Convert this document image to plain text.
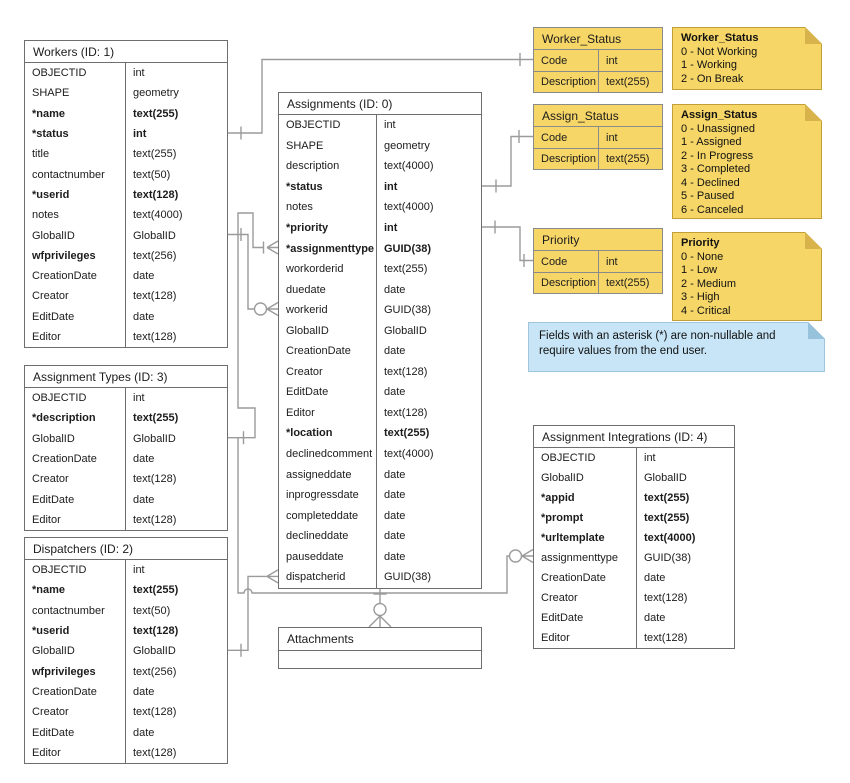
Workers (ID: 1)
OBJECTID	int
SHAPE	geometry
*name	text(255)
*status	int
title	text(255)
contactnumber	text(50)
*userid	text(128)
notes	text(4000)
GlobalID	GlobalID
wfprivileges	text(256)
CreationDate	date
Creator	text(128)
EditDate	date
Editor	text(128)
Assignment Types (ID: 3)
OBJECTID	int
*description	text(255)
GlobalID	GlobalID
CreationDate	date
Creator	text(128)
EditDate	date
Editor	text(128)
Dispatchers (ID: 2)
OBJECTID	int
*name	text(255)
contactnumber	text(50)
*userid	text(128)
GlobalID	GlobalID
wfprivileges	text(256)
CreationDate	date
Creator	text(128)
EditDate	date
Editor	text(128)
Assignments (ID: 0)
OBJECTID	int
SHAPE	geometry
description	text(4000)
*status	int
notes	text(4000)
*priority	int
*assignmenttype GUID(38)
workorderid	text(255)
duedate	date
workerid	GUID(38)
GlobalID	GlobalID
CreationDate	date
Creator	text(128)
EditDate	date
Editor	text(128)
*location	text(255)
declinedcomment	text(4000)
assigneddate	date
inprogressdate	date
completeddate	date
declineddate	date
pauseddate	date
dispatcherid	GUID(38)
Attachments
Worker_Status
Code	int
Description text(255)
Assign_Status
Code	int
Description text(255)
Priority
Code	int
Description text(255)
Assignment Integrations (ID: 4)
OBJECTID	int
GlobalID	GlobalID
*appid	text(255)
*prompt	text(255)
*urltemplate	text(4000)
assignmenttype	GUID(38)
CreationDate	date
Creator	text(128)
EditDate	date
Editor	text(128)
Worker_Status
0 - Not Working
1 - Working
2 - On Break
Assign_Status
0 - Unassigned
1 - Assigned
2 - In Progress
3 - Completed
4 - Declined
5 - Paused
6 - Canceled
Priority
0 - None
1 - Low
2 - Medium
3 - High
4 - Critical
Fields with an asterisk (*) are non-nullable and require values from the end user.
